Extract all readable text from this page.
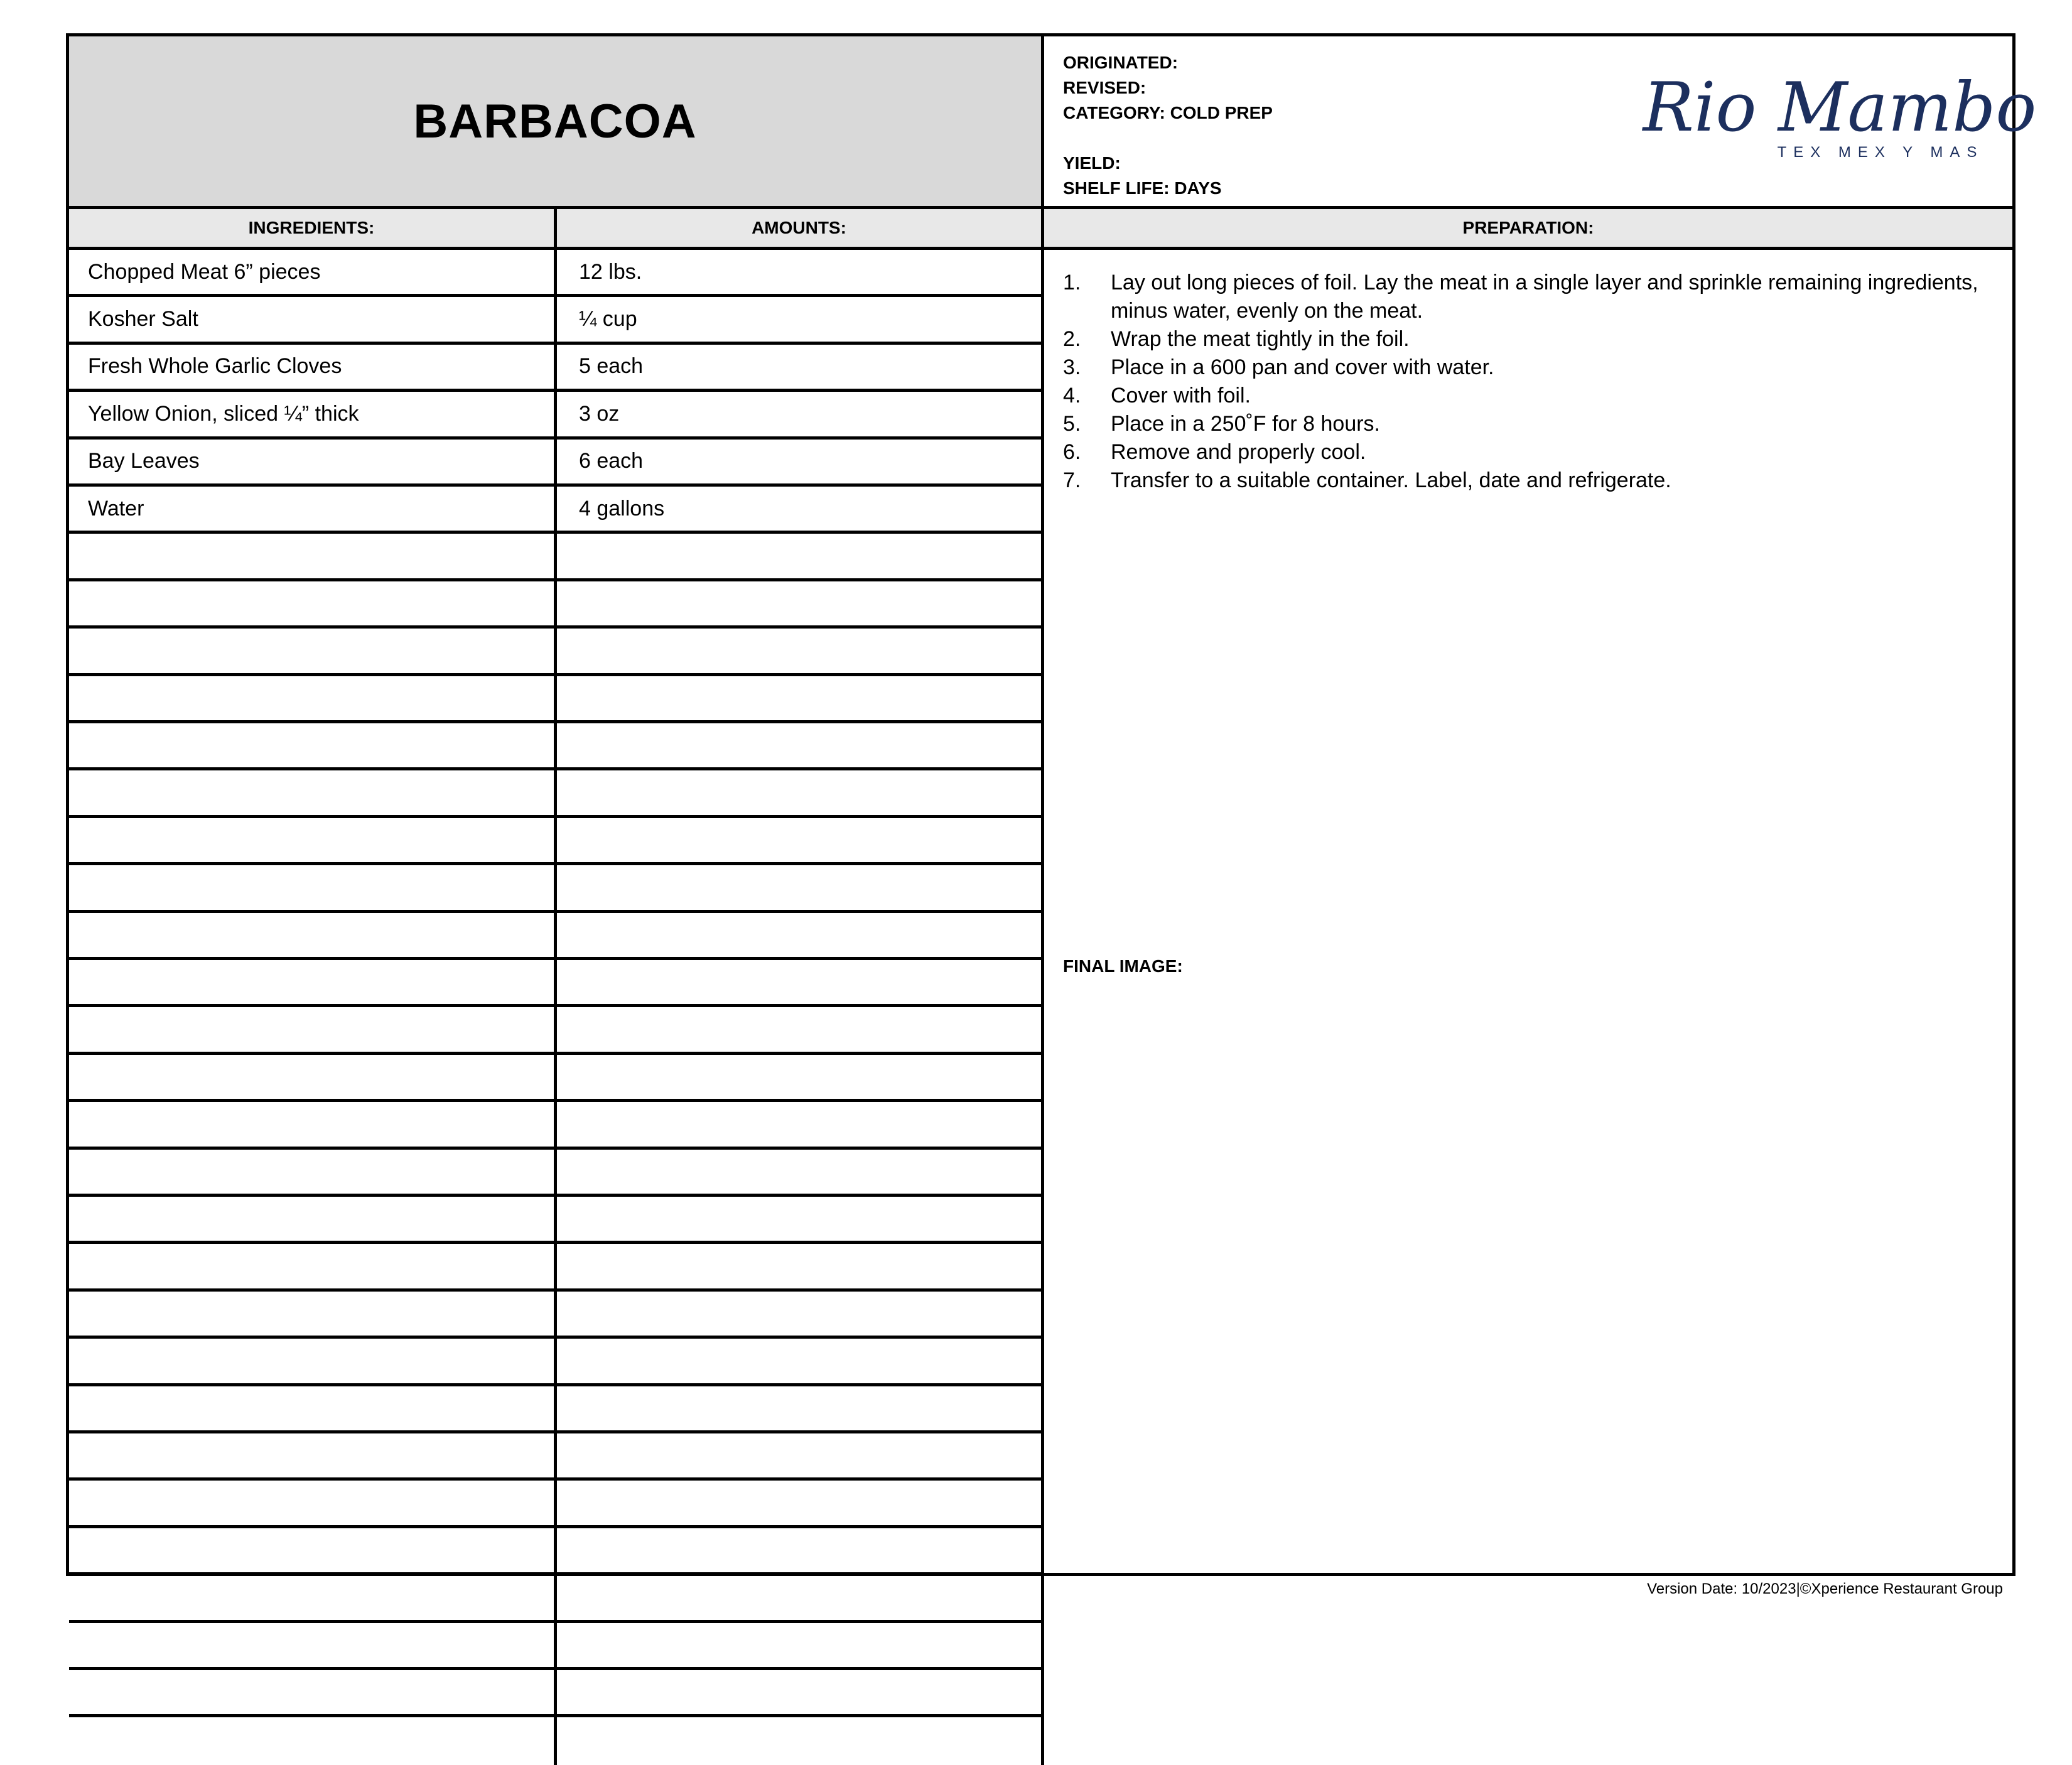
BARBACOA
ORIGINATED:
REVISED:
CATEGORY: COLD PREP
YIELD:
SHELF LIFE: DAYS
Rio Mambo
TEX MEX Y MAS
INGREDIENTS:	AMOUNTS:	PREPARATION:
Chopped Meat 6” pieces	12 lbs.
Kosher Salt	¼ cup
Fresh Whole Garlic Cloves	5 each
Yellow Onion, sliced ¼” thick	3 oz
Bay Leaves	6 each
Water	4 gallons
1.	Lay out long pieces of foil. Lay the meat in a single layer and sprinkle remaining ingredients, minus water, evenly on the meat.
2.	Wrap the meat tightly in the foil.
3.	Place in a 600 pan and cover with water.
4.	Cover with foil.
5.	Place in a 250˚F for 8 hours.
6.	Remove and properly cool.
7.	Transfer to a suitable container. Label, date and refrigerate.
FINAL IMAGE:
Version Date: 10/2023|©Xperience Restaurant Group
